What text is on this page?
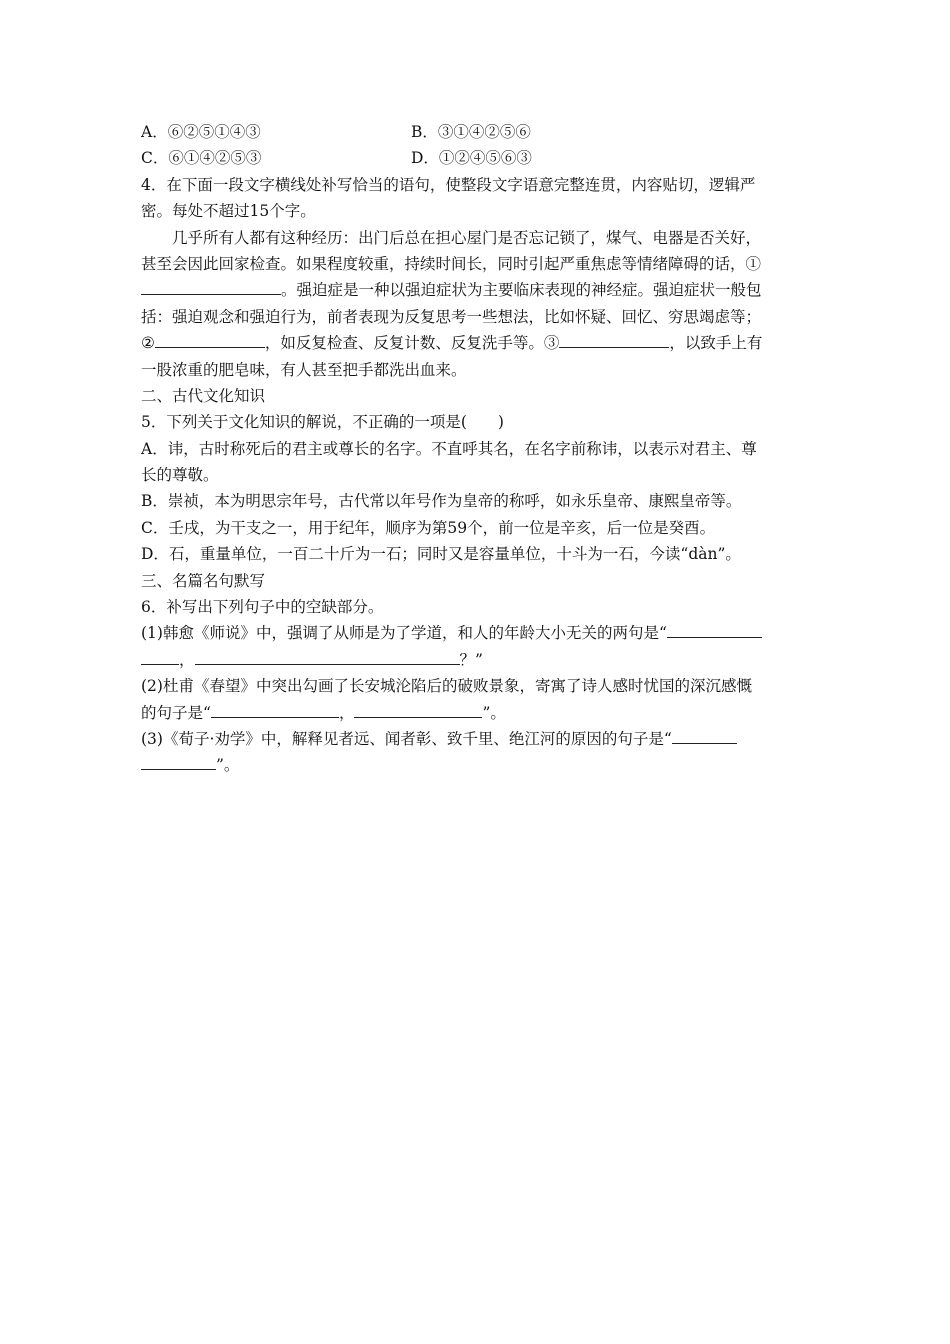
A．⑥②⑤①④③	B．③①④②⑤⑥
C．⑥①④②⑤③	D．①②④⑤⑥③
4．在下面一段文字横线处补写恰当的语句，使整段文字语意完整连贯，内容贴切，逻辑严
密。每处不超过15个字。
几乎所有人都有这种经历：出门后总在担心屋门是否忘记锁了，煤气、电器是否关好，
甚至会因此回家检查。如果程度较重，持续时间长，同时引起严重焦虑等情绪障碍的话，①
。强迫症是一种以强迫症状为主要临床表现的神经症。强迫症状一般包
括：强迫观念和强迫行为，前者表现为反复思考一些想法，比如怀疑、回忆、穷思竭虑等；
②	，如反复检查、反复计数、反复洗手等。③	，以致手上有
一股浓重的肥皂味，有人甚至把手都洗出血来。
二、古代文化知识
5．下列关于文化知识的解说，不正确的一项是(　　)
A．讳，古时称死后的君主或尊长的名字。不直呼其名，在名字前称讳，以表示对君主、尊
长的尊敬。
B．崇祯，本为明思宗年号，古代常以年号作为皇帝的称呼，如永乐皇帝、康熙皇帝等。
C．壬戌，为干支之一，用于纪年，顺序为第59个，前一位是辛亥，后一位是癸酉。
D．石，重量单位，一百二十斤为一石；同时又是容量单位，十斗为一石，今读“dàn”。
三、名篇名句默写
6．补写出下列句子中的空缺部分。
(1)韩愈《师说》中，强调了从师是为了学道，和人的年龄大小无关的两句是“
，	？”
(2)杜甫《春望》中突出勾画了长安城沦陷后的破败景象，寄寓了诗人感时忧国的深沉感慨
的句子是“	，	”。
(3)《荀子·劝学》中，解释见者远、闻者彰、致千里、绝江河的原因的句子是“
”。
